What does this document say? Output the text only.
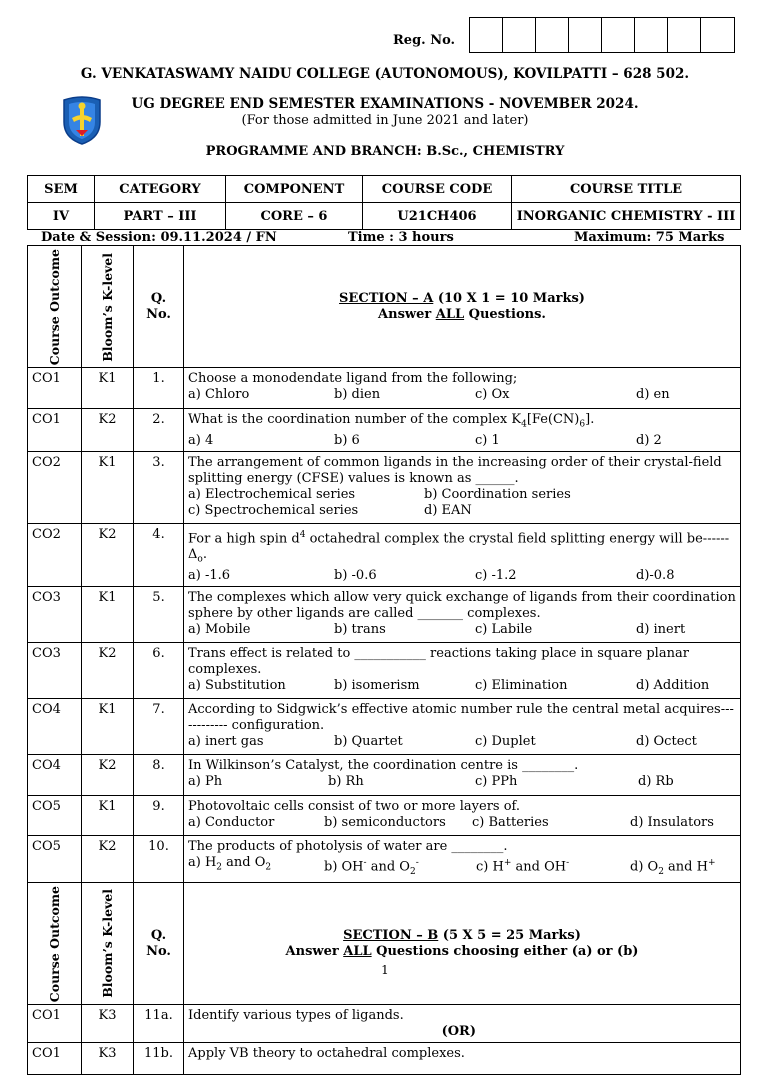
Reg. No.
G. VENKATASWAMY NAIDU COLLEGE (AUTONOMOUS), KOVILPATTI – 628 502.
UG DEGREE END SEMESTER EXAMINATIONS - NOVEMBER 2024.
(For those admitted in June 2021 and later)
PROGRAMME AND BRANCH: B.Sc., CHEMISTRY
SEM	CATEGORY	COMPONENT	COURSE CODE	COURSE TITLE
IV	PART – III	CORE – 6	U21CH406	INORGANIC CHEMISTRY - III
Date & Session: 09.11.2024 / FN	Time : 3 hours	Maximum: 75 Marks
Course Outcome	Bloom’s K-level	Q. No.	SECTION – A (10 X 1 = 10 Marks)
Answer ALL Questions.

CO1	K1	1.	Choose a monodendate ligand from the following;
a) Chloro b) dien c) Ox d) en

CO1	K2	2.	What is the coordination number of the complex $K_4[Fe(CN)_6]$.
a) 4 b) 6 c) 1 d) 2

CO2	K1	3.	The arrangement of common ligands in the increasing order of their crystal-field splitting energy (CFSE) values is known as ______.
a) Electrochemical series b) Coordination series
c) Spectrochemical series d) EAN

CO2	K2	4.	For a high spin $d^4$ octahedral complex the crystal field splitting energy will be------ $\Delta_o$.
a) -1.6 b) -0.6 c) -1.2 d)-0.8

CO3	K1	5.	The complexes which allow very quick exchange of ligands from their coordination sphere by other ligands are called _______ complexes.
a) Mobile b) trans c) Labile d) inert

CO3	K2	6.	Trans effect is related to ___________ reactions taking place in square planar complexes.
a) Substitution b) isomerism c) Elimination d) Addition

CO4	K1	7.	According to Sidgwick’s effective atomic number rule the central metal acquires------------ configuration.
a) inert gas b) Quartet c) Duplet d) Octect

CO4	K2	8.	In Wilkinson’s Catalyst, the coordination centre is ________.
a) Ph b) Rh c) PPh d) Rb

CO5	K1	9.	Photovoltaic cells consist of two or more layers of.
a) Conductor b) semiconductors c) Batteries d) Insulators

CO5	K2	10.	The products of photolysis of water are ________.
a) $H_2$ and $O_2$ b) OH- and $O_2^-$ c) H+ and OH- d) $O_2$ and H+

Course Outcome	Bloom’s K-level	Q. No.	SECTION – B (5 X 5 = 25 Marks)
Answer ALL Questions choosing either (a) or (b)

CO1	K3	11a.	Identify various types of ligands.
(OR)

CO1	K3	11b.	Apply VB theory to octahedral complexes.
1
